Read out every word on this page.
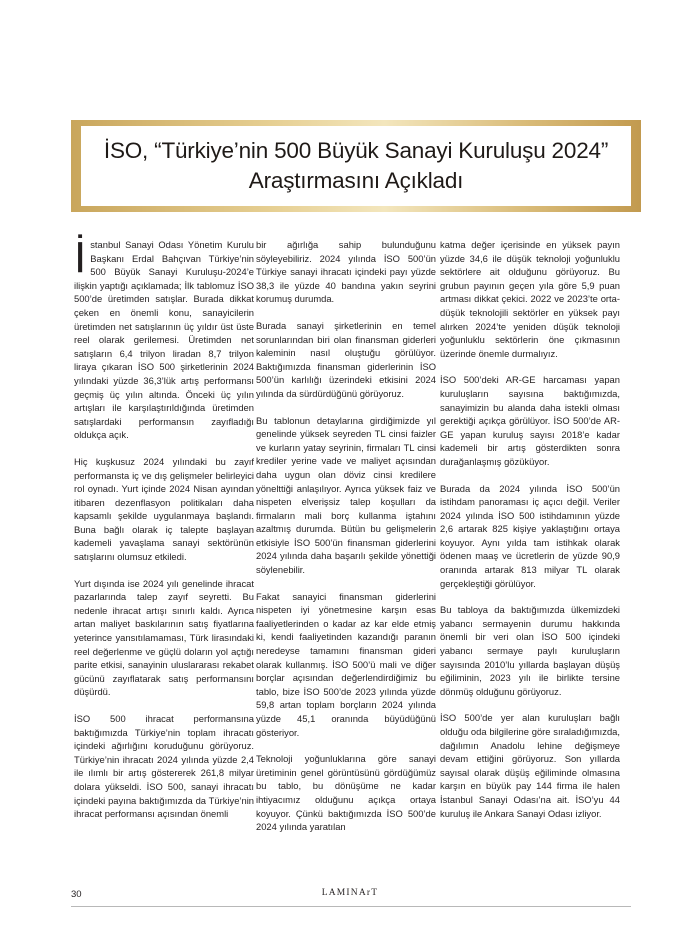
İSO, “Türkiye’nin 500 Büyük Sanayi Kuruluşu 2024” Araştırmasını Açıkladı

İstanbul Sanayi Odası Yönetim Kurulu Başkanı Erdal Bahçıvan Türkiye’nin 500 Büyük Sanayi Kuruluşu-2024’e ilişkin yaptığı açıklamada; İlk tablomuz İSO 500’de üretimden satışlar. Burada dikkat çeken en önemli konu, sanayicilerin üretimden net satışlarının üç yıldır üst üste reel olarak gerilemesi. Üretimden net satışların 6,4 trilyon liradan 8,7 trilyon liraya çıkaran İSO 500 şirketlerinin 2024 yılındaki yüzde 36,3’lük artış performansı geçmiş üç yılın altında. Önceki üç yılın artışları ile karşılaştırıldığında üretimden satışlardaki performansın zayıfladığı oldukça açık.

Hiç kuşkusuz 2024 yılındaki bu zayıf performansta iç ve dış gelişmeler belirleyici rol oynadı. Yurt içinde 2024 Nisan ayından itibaren dezenflasyon politikaları daha kapsamlı şekilde uygulanmaya başlandı. Buna bağlı olarak iç talepte başlayan kademeli yavaşlama sanayi sektörünün satışlarını olumsuz etkiledi.

Yurt dışında ise 2024 yılı genelinde ihracat pazarlarında talep zayıf seyretti. Bu nedenle ihracat artışı sınırlı kaldı. Ayrıca artan maliyet baskılarının satış fiyatlarına yeterince yansıtılamaması, Türk lirasındaki reel değerlenme ve güçlü doların yol açtığı parite etkisi, sanayinin uluslararası rekabet gücünü zayıflatarak satış performansını düşürdü.

İSO 500 ihracat performansına baktığımızda Türkiye’nin toplam ihracatı içindeki ağırlığını koruduğunu görüyoruz. Türkiye’nin ihracatı 2024 yılında yüzde 2,4 ile ılımlı bir artış göstererek 261,8 milyar dolara yükseldi. İSO 500, sanayi ihracatı içindeki payına baktığımızda da Türkiye’nin ihracat performansı açısından önemli

bir ağırlığa sahip bulunduğunu söyleyebiliriz. 2024 yılında İSO 500’ün Türkiye sanayi ihracatı içindeki payı yüzde 38,3 ile yüzde 40 bandına yakın seyrini korumuş durumda.

Burada sanayi şirketlerinin en temel sorunlarından biri olan finansman giderleri kaleminin nasıl oluştuğu görülüyor. Baktığımızda finansman giderlerinin İSO 500’ün karlılığı üzerindeki etkisini 2024 yılında da sürdürdüğünü görüyoruz.

Bu tablonun detaylarına girdiğimizde yıl genelinde yüksek seyreden TL cinsi faizler ve kurların yatay seyrinin, firmaları TL cinsi krediler yerine vade ve maliyet açısından daha uygun olan döviz cinsi kredilere yönelttiği anlaşılıyor. Ayrıca yüksek faiz ve nispeten elverişsiz talep koşulları da firmaların mali borç kullanma iştahını azaltmış durumda. Bütün bu gelişmelerin etkisiyle İSO 500’ün finansman giderlerini 2024 yılında daha başarılı şekilde yönettiği söylenebilir.

Fakat sanayici finansman giderlerini nispeten iyi yönetmesine karşın esas faaliyetlerinden o kadar az kar elde etmiş ki, kendi faaliyetinden kazandığı paranın neredeyse tamamını finansman gideri olarak kullanmış. İSO 500’ü mali ve diğer borçlar açısından değerlendirdiğimiz bu tablo, bize İSO 500’de 2023 yılında yüzde 59,8 artan toplam borçların 2024 yılında yüzde 45,1 oranında büyüdüğünü gösteriyor.

Teknoloji yoğunluklarına göre sanayi üretiminin genel görüntüsünü gördüğümüz bu tablo, bu dönüşüme ne kadar ihtiyacımız olduğunu açıkça ortaya koyuyor. Çünkü baktığımızda İSO 500’de 2024 yılında yaratılan

katma değer içerisinde en yüksek payın yüzde 34,6 ile düşük teknoloji yoğunluklu sektörlere ait olduğunu görüyoruz. Bu grubun payının geçen yıla göre 5,9 puan artması dikkat çekici. 2022 ve 2023’te orta-düşük teknolojili sektörler en yüksek payı alırken 2024’te yeniden düşük teknoloji yoğunluklu sektörlerin öne çıkmasının üzerinde önemle durmalıyız.

İSO 500’deki AR-GE harcaması yapan kuruluşların sayısına baktığımızda, sanayimizin bu alanda daha istekli olması gerektiği açıkça görülüyor. İSO 500’de AR-GE yapan kuruluş sayısı 2018’e kadar kademeli bir artış gösterdikten sonra durağanlaşmış gözüküyor.

Burada da 2024 yılında İSO 500’ün istihdam panoraması iç açıcı değil. Veriler 2024 yılında İSO 500 istihdamının yüzde 2,6 artarak 825 kişiye yaklaştığını ortaya koyuyor. Aynı yılda tam istihkak olarak ödenen maaş ve ücretlerin de yüzde 90,9 oranında artarak 813 milyar TL olarak gerçekleştiği görülüyor.

Bu tabloya da baktığımızda ülkemizdeki yabancı sermayenin durumu hakkında önemli bir veri olan İSO 500 içindeki yabancı sermaye paylı kuruluşların sayısında 2010’lu yıllarda başlayan düşüş eğiliminin, 2023 yılı ile birlikte tersine dönmüş olduğunu görüyoruz.

İSO 500’de yer alan kuruluşları bağlı olduğu oda bilgilerine göre sıraladığımızda, dağılımın Anadolu lehine değişmeye devam ettiğini görüyoruz. Son yıllarda sayısal olarak düşüş eğiliminde olmasına karşın en büyük pay 144 firma ile halen İstanbul Sanayi Odası’na ait. İSO’yu 44 kuruluş ile Ankara Sanayi Odası izliyor.

30	LAMINArT
